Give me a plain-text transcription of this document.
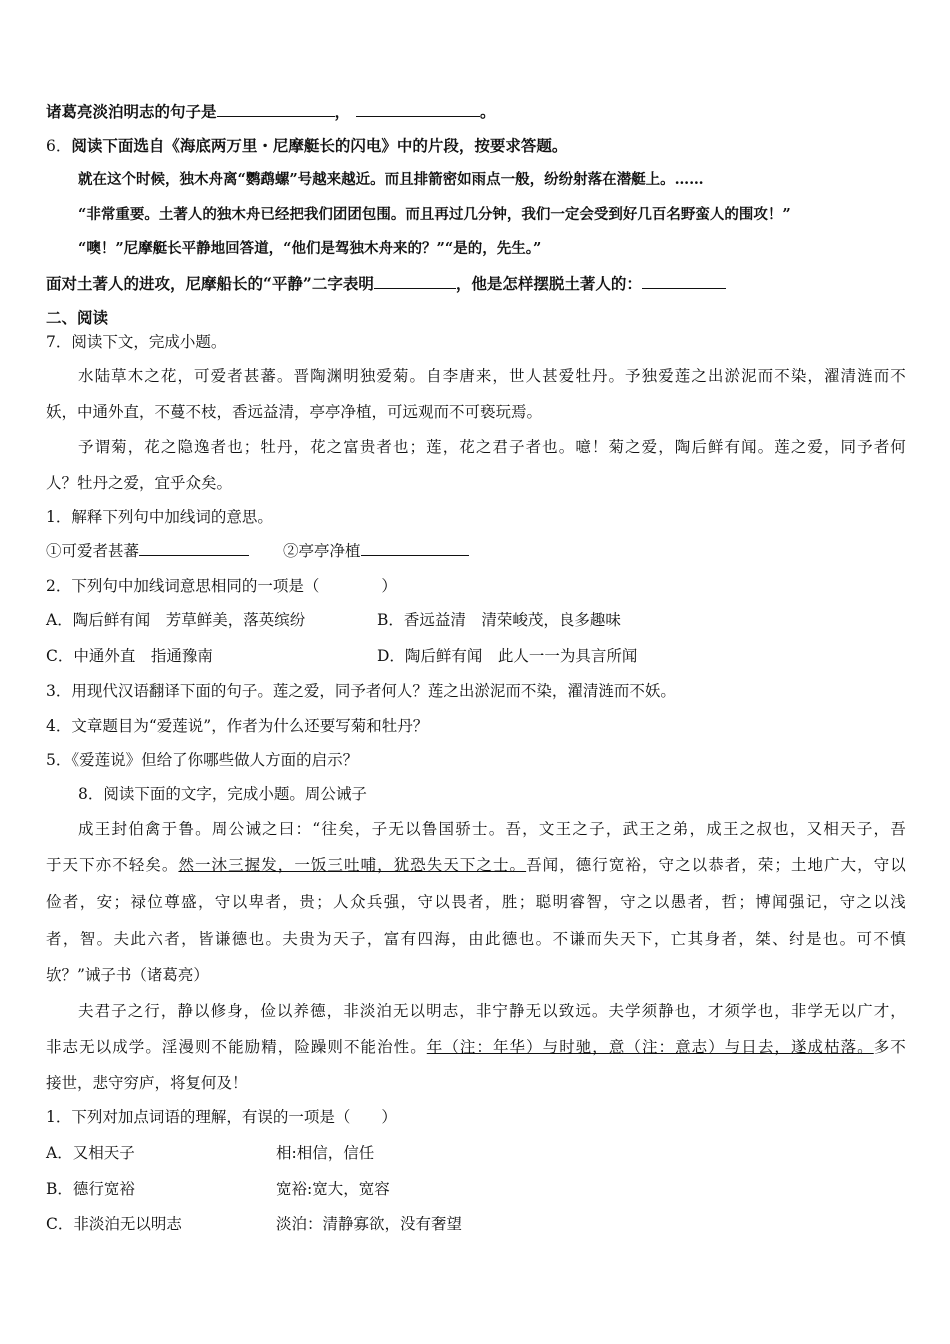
诸葛亮淡泊明志的句子是	，	。
6．阅读下面选自《海底两万里・尼摩艇长的闪电》中的片段，按要求答题。
就在这个时候，独木舟离“鹦鹉螺”号越来越近。而且排箭密如雨点一般，纷纷射落在潜艇上。……
“非常重要。土著人的独木舟已经把我们团团包围。而且再过几分钟，我们一定会受到好几百名野蛮人的围攻！”
“噢！”尼摩艇长平静地回答道，“他们是驾独木舟来的？”“是的，先生。”
面对土著人的进攻，尼摩船长的“平静”二字表明	，他是怎样摆脱土著人的：
二、阅读
7．阅读下文，完成小题。
水陆草木之花，可爱者甚蕃。晋陶渊明独爱菊。自李唐来，世人甚爱牡丹。予独爱莲之出淤泥而不染，濯清涟而不
妖，中通外直，不蔓不枝，香远益清，亭亭净植，可远观而不可亵玩焉。
予谓菊，花之隐逸者也；牡丹，花之富贵者也；莲，花之君子者也。噫！菊之爱，陶后鲜有闻。莲之爱，同予者何
人？牡丹之爱，宜乎众矣。
1．解释下列句中加线词的意思。
①可爱者甚蕃	②亭亭净植
2．下列句中加线词意思相同的一项是（　　　　）
A．陶后鲜有闻　芳草鲜美，落英缤纷	B．香远益清　清荣峻茂，良多趣味
C．中通外直　指通豫南	D．陶后鲜有闻　此人一一为具言所闻
3．用现代汉语翻译下面的句子。莲之爱，同予者何人？莲之出淤泥而不染，濯清涟而不妖。
4．文章题目为“爱莲说”，作者为什么还要写菊和牡丹？
5．《爱莲说》但给了你哪些做人方面的启示？
8．阅读下面的文字，完成小题。周公诫子
成王封伯禽于鲁。周公诫之曰：“往矣，子无以鲁国骄士。吾，文王之子，武王之弟，成王之叔也，又相天子，吾
于天下亦不轻矣。然一沐三握发，一饭三吐哺，犹恐失天下之士。吾闻，德行宽裕，守之以恭者，荣；土地广大，守以
俭者，安；禄位尊盛，守以卑者，贵；人众兵强，守以畏者，胜；聪明睿智，守之以愚者，哲；博闻强记，守之以浅
者，智。夫此六者，皆谦德也。夫贵为天子，富有四海，由此德也。不谦而失天下，亡其身者，桀、纣是也。可不慎
欤？”诫子书（诸葛亮）
夫君子之行，静以修身，俭以养德，非淡泊无以明志，非宁静无以致远。夫学须静也，才须学也，非学无以广才，
非志无以成学。淫漫则不能励精，险躁则不能治性。年（注：年华）与时驰，意（注：意志）与日去，遂成枯落。多不
接世，悲守穷庐，将复何及！
1．下列对加点词语的理解，有误的一项是（　　）
A．又相天子	相:相信，信任
B．德行宽裕	宽裕:宽大，宽容
C．非淡泊无以明志	淡泊：清静寡欲，没有奢望
